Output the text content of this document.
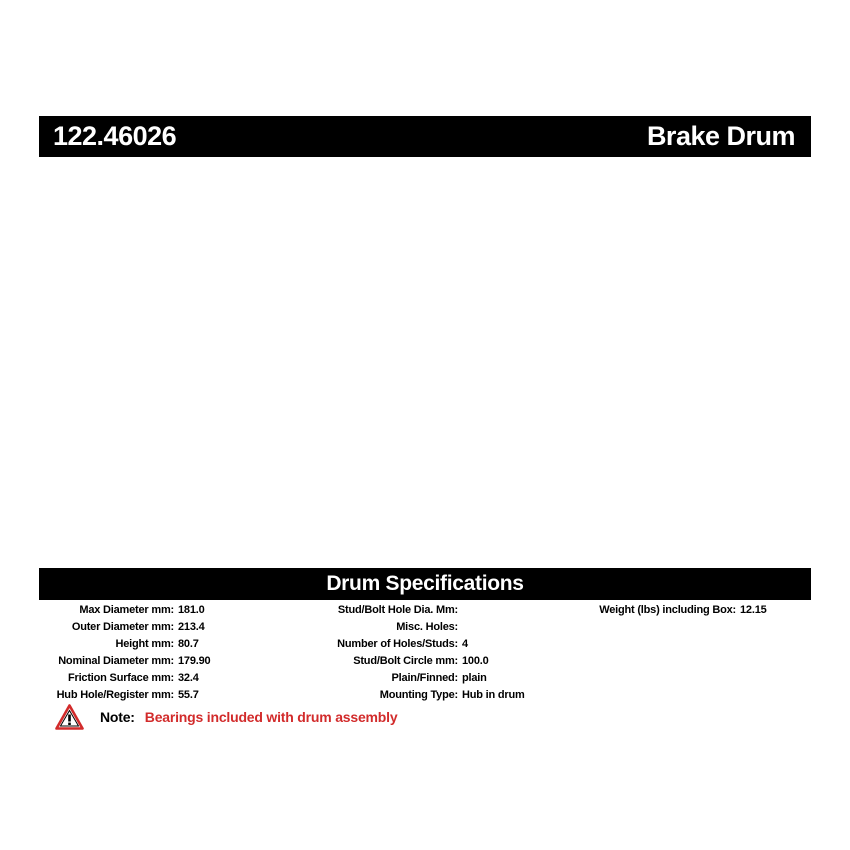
122.46026	Brake Drum
Drum Specifications
Max Diameter mm: 181.0
Outer Diameter mm: 213.4
Height mm: 80.7
Nominal Diameter mm: 179.90
Friction Surface mm: 32.4
Hub Hole/Register mm: 55.7
Stud/Bolt Hole Dia. Mm:
Misc. Holes:
Number of Holes/Studs: 4
Stud/Bolt Circle mm: 100.0
Plain/Finned: plain
Mounting Type: Hub in drum
Weight (lbs) including Box: 12.15
Note: Bearings included with drum assembly
